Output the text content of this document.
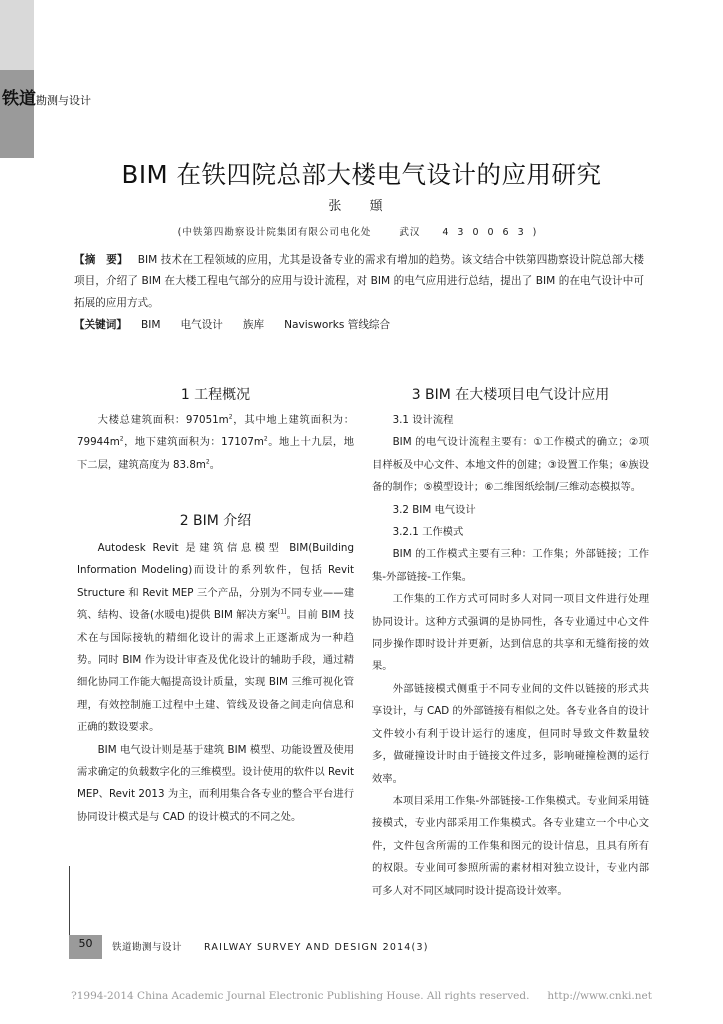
铁道勘测与设计
BIM 在铁四院总部大楼电气设计的应用研究
张 頲
(中铁第四勘察设计院集团有限公司电化处	武汉 430063)
【摘　要】 BIM 技术在工程领域的应用，尤其是设备专业的需求有增加的趋势。该文结合中铁第四勘察设计院总部大楼项目，介绍了 BIM 在大楼工程电气部分的应用与设计流程，对 BIM 的电气应用进行总结，提出了 BIM 的在电气设计中可拓展的应用方式。
【关键词】 BIM 电气设计 族库 Navisworks 管线综合
1 工程概况

大楼总建筑面积：$97051m^2$，其中地上建筑面积为：$79944m^2$，地下建筑面积为：$17107m^2$。地上十九层，地下二层，建筑高度为 $83.8m^2$。

2 BIM 介绍

Autodesk Revit 是建筑信息模型 BIM(Building Information Modeling)而设计的系列软件，包括 Revit Structure 和 Revit MEP 三个产品，分别为不同专业——建筑、结构、设备(水暖电)提供 BIM 解决方案[1]。目前 BIM 技术在与国际接轨的精细化设计的需求上正逐渐成为一种趋势。同时 BIM 作为设计审查及优化设计的辅助手段，通过精细化协同工作能大幅提高设计质量，实现 BIM 三维可视化管理，有效控制施工过程中土建、管线及设备之间走向信息和正确的数设要求。

BIM 电气设计则是基于建筑 BIM 模型、功能设置及使用需求确定的负载数字化的三维模型。设计使用的软件以 Revit MEP、Revit 2013 为主，而利用集合各专业的整合平台进行协同设计模式是与 CAD 的设计模式的不同之处。

3 BIM 在大楼项目电气设计应用

3.1 设计流程

BIM 的电气设计流程主要有：①工作模式的确立；②项目样板及中心文件、本地文件的创建；③设置工作集；④族设备的制作；⑤模型设计；⑥二维图纸绘制/三维动态模拟等。

3.2 BIM 电气设计

3.2.1 工作模式

BIM 的工作模式主要有三种：工作集；外部链接；工作集-外部链接-工作集。

工作集的工作方式可同时多人对同一项目文件进行处理协同设计。这种方式强调的是协同性，各专业通过中心文件同步操作即时设计并更新，达到信息的共享和无缝衔接的效果。

外部链接模式侧重于不同专业间的文件以链接的形式共享设计，与 CAD 的外部链接有相似之处。各专业各自的设计文件较小有利于设计运行的速度，但同时导致文件数量较多，做碰撞设计时由于链接文件过多，影响碰撞检测的运行效率。

本项目采用工作集-外部链接-工作集模式。专业间采用链接模式，专业内部采用工作集模式。各专业建立一个中心文件，文件包含所需的工作集和图元的设计信息，且具有所有的权限。专业间可参照所需的素材相对独立设计，专业内部可多人对不同区域同时设计提高设计效率。

50	铁道勘测与设计 RAILWAY SURVEY AND DESIGN 2014(3)
?1994-2014 China Academic Journal Electronic Publishing House. All rights reserved. http://www.cnki.net
